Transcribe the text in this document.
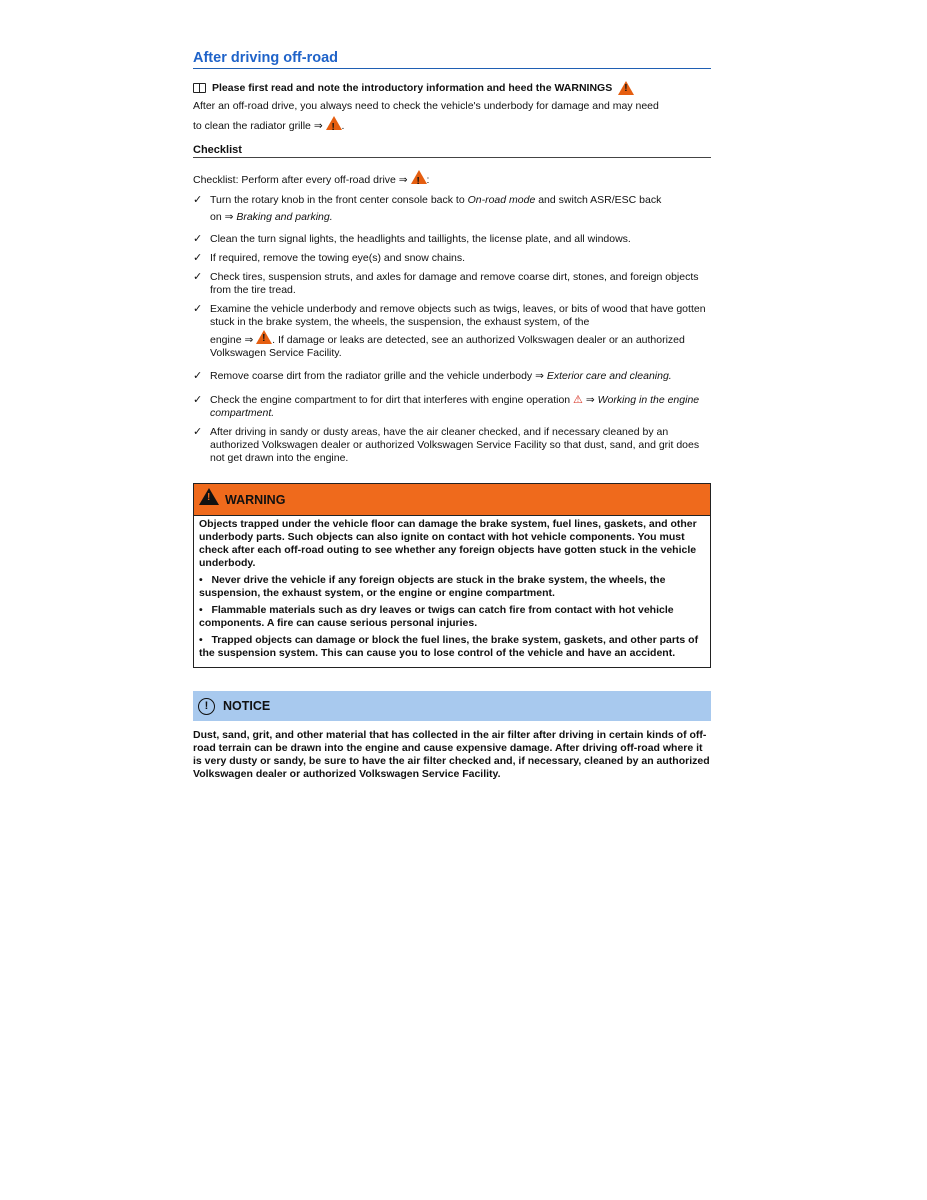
After driving off-road
Please first read and note the introductory information and heed the WARNINGS
!

After an off-road drive, you always need to check the vehicle's underbody for damage and may need
to clean the radiator grille ⇒ ! .

Checklist

Checklist: Perform after every off-road drive ⇒ ! :

✓ Turn the rotary knob in the front center console back to On-road mode and switch ASR/ESC back
on ⇒ Braking and parking.
✓ Clean the turn signal lights, the headlights and taillights, the license plate, and all windows.
✓ If required, remove the towing eye(s) and snow chains.
✓ Check tires, suspension struts, and axles for damage and remove coarse dirt, stones, and foreign objects from the tire tread.
✓ Examine the vehicle underbody and remove objects such as twigs, leaves, or bits of wood that have gotten stuck in the brake system, the wheels, the suspension, the exhaust system, of the
engine ⇒ ! . If damage or leaks are detected, see an authorized Volkswagen dealer or an authorized Volkswagen Service Facility.
✓ Remove coarse dirt from the radiator grille and the vehicle underbody ⇒ Exterior care and cleaning.
✓ Check the engine compartment to for dirt that interferes with engine operation ⚠ ⇒ Working in the engine compartment.
✓ After driving in sandy or dusty areas, have the air cleaner checked, and if necessary cleaned by an authorized Volkswagen dealer or authorized Volkswagen Service Facility so that dust, sand, and grit does not get drawn into the engine.
!
WARNING

Objects trapped under the vehicle floor can damage the brake system, fuel lines, gaskets, and other underbody parts. Such objects can also ignite on contact with hot vehicle components. You must check after each off-road outing to see whether any foreign objects have gotten stuck in the vehicle underbody.

•   Never drive the vehicle if any foreign objects are stuck in the brake system, the wheels, the suspension, the exhaust system, or the engine or engine compartment.

•   Flammable materials such as dry leaves or twigs can catch fire from contact with hot vehicle components. A fire can cause serious personal injuries.

•   Trapped objects can damage or block the fuel lines, the brake system, gaskets, and other parts of the suspension system. This can cause you to lose control of the vehicle and have an accident.

!	NOTICE
Dust, sand, grit, and other material that has collected in the air filter after driving in certain kinds of off-road terrain can be drawn into the engine and cause expensive damage. After driving off-road where it is very dusty or sandy, be sure to have the air filter checked and, if necessary, cleaned by an authorized Volkswagen dealer or authorized Volkswagen Service Facility.
